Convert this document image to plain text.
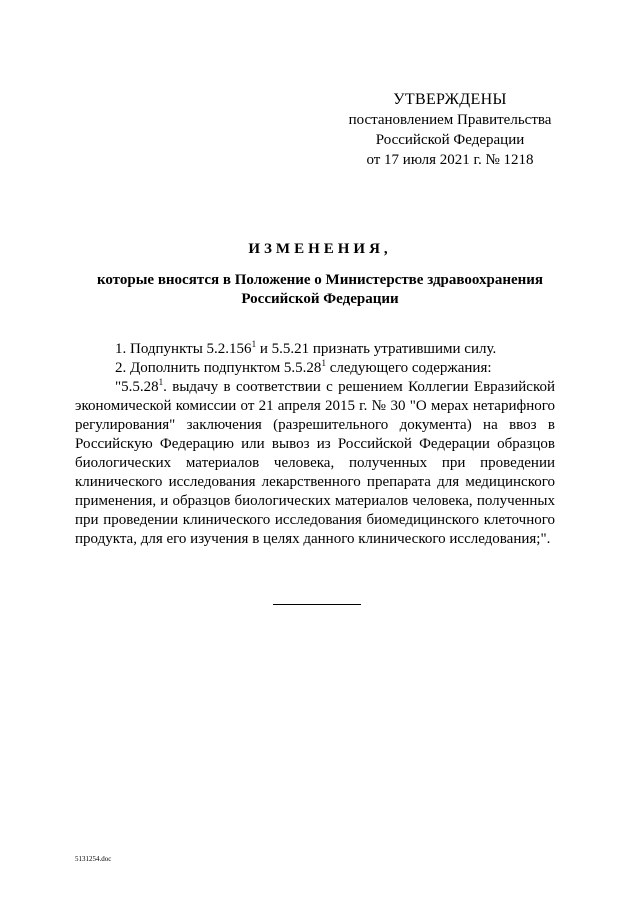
УТВЕРЖДЕНЫ
постановлением Правительства
Российской Федерации
от 17 июля 2021 г. № 1218
ИЗМЕНЕНИЯ,
которые вносятся в Положение о Министерстве здравоохранения
Российской Федерации

1. Подпункты 5.2.156$^1$ и 5.5.21 признать утратившими силу.

2. Дополнить подпунктом 5.5.28$^1$ следующего содержания:

"5.5.28$^1$. выдачу в соответствии с решением Коллегии Евразийской экономической комиссии от 21 апреля 2015 г. № 30 "О мерах нетарифного регулирования" заключения (разрешительного документа) на ввоз в Российскую Федерацию или вывоз из Российской Федерации образцов биологических материалов человека, полученных при проведении клинического исследования лекарственного препарата для медицинского применения, и образцов биологических материалов человека, полученных при проведении клинического исследования биомедицинского клеточного продукта, для его изучения в целях данного клинического исследования;".

5131254.doc
